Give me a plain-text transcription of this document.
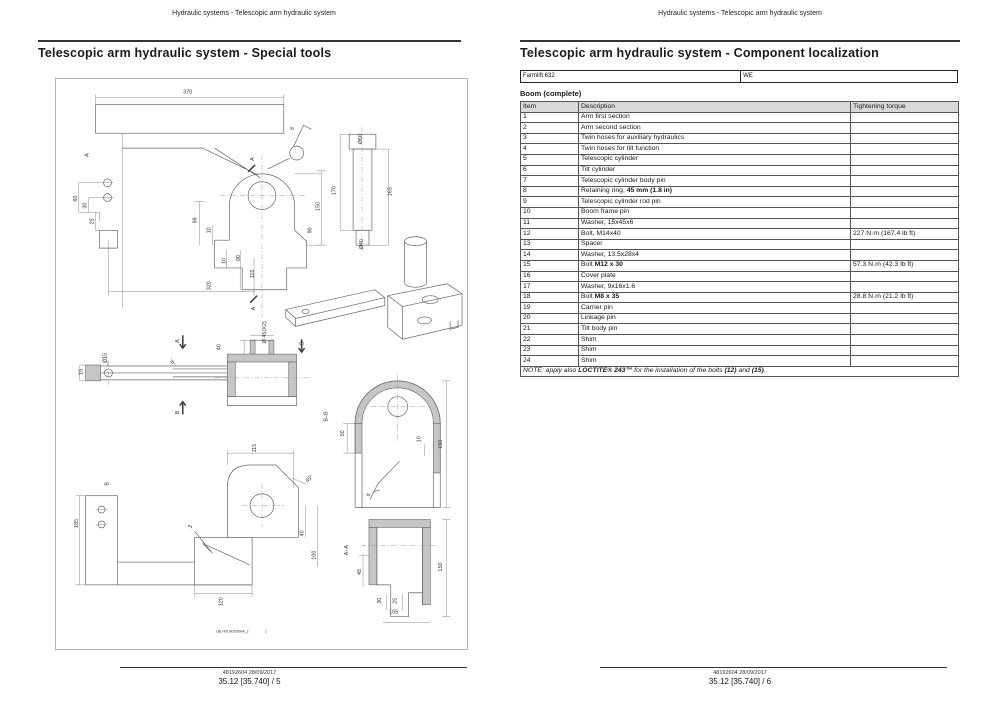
Hydraulic systems - Telescopic arm hydraulic system
Telescopic arm hydraulic system - Special tools
370
A
A
6
60
30
25	98
10
150
90
10 90
115
320
A
Ø60
170	165
Ø40
A
B
Ø 45(X2)
40
B
15
Ø15	6
B–B
50
10
150
6
115
45°
40
100
120
3
185
B
A–A
45
30 25
105
150
LBLHOLM3550HA_2	1
48192604 28/09/2017
35.12 [35.740] / 5
Hydraulic systems - Telescopic arm hydraulic system
Telescopic arm hydraulic system - Component localization
Farmlift 632	WE
Boom (complete)
Item	Description	Tightening torque
1	Arm first section	
2	Arm second section	
3	Twin hoses for auxiliary hydraulics	
4	Twin hoses for tilt function	
5	Telescopic cylinder	
6	Tilt cylinder	
7	Telescopic cylinder body pin	
8	Retaining ring, 45 mm (1.8 in)	
9	Telescopic cylinder rod pin	
10	Boom frame pin	
11	Washer, 15x45x6	
12	Bolt, M14x40	227 N·m (167.4 lb ft)
13	Spacer	
14	Washer, 13.5x28x4	
15	Bolt M12 x 30	57.3 N·m (42.3 lb ft)
16	Cover plate	
17	Washer, 9x16x1.6	
18	Bolt M8 x 35	28.8 N·m (21.2 lb ft)
19	Carrier pin	
20	Linkage pin	
21	Tilt body pin	
22	Shim	
23	Shim	
24	Shim	
NOTE: apply also LOCTITE® 243™ for the installation of the bolts (12) and (15).		
48192604 28/09/2017
35.12 [35.740] / 6
